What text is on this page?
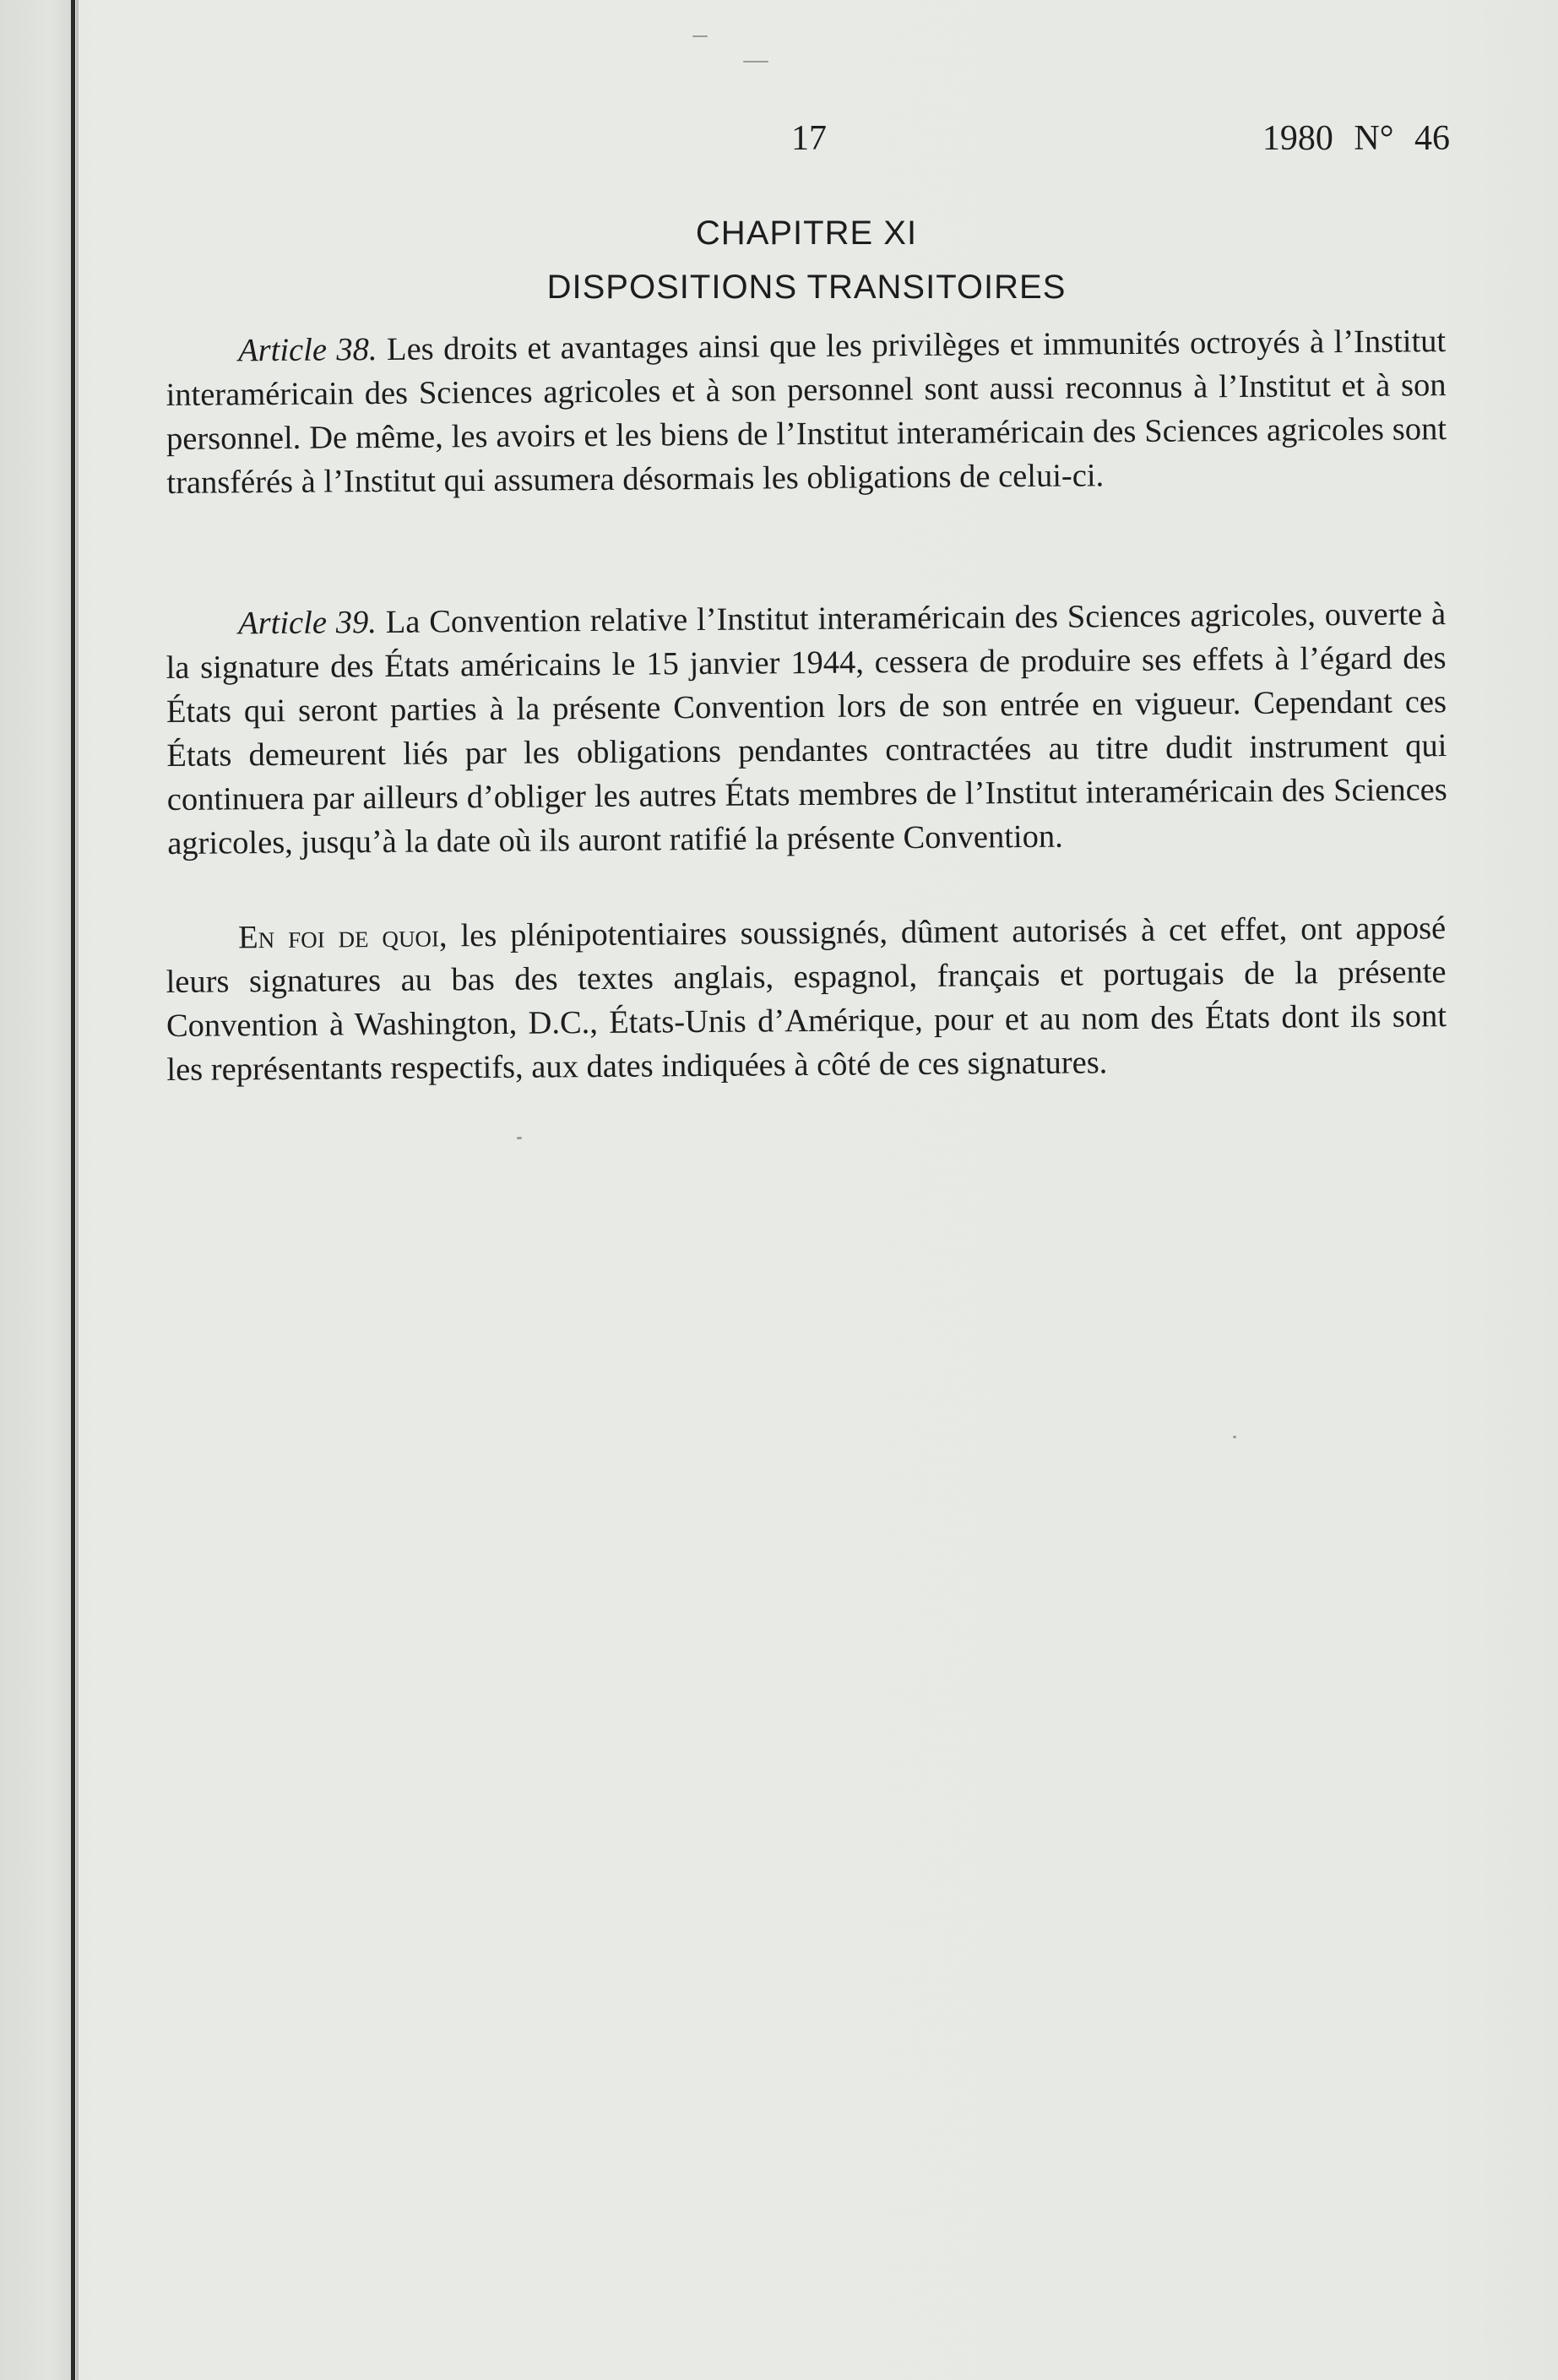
17	1980 N° 46
CHAPITRE XI
DISPOSITIONS TRANSITOIRES

Article 38. Les droits et avantages ainsi que les privilèges et immunités octroyés à l’Institut interaméricain des Sciences agricoles et à son personnel sont aussi reconnus à l’Institut et à son personnel. De même, les avoirs et les biens de l’Institut interaméricain des Sciences agricoles sont transférés à l’Institut qui assumera désormais les obligations de celui-ci.

Article 39. La Convention relative l’Institut interaméricain des Sciences agricoles, ouverte à la signature des États américains le 15 janvier 1944, cessera de produire ses effets à l’égard des États qui seront parties à la présente Convention lors de son entrée en vigueur. Cependant ces États demeurent liés par les obligations pendantes contractées au titre dudit instrument qui continuera par ailleurs d’obliger les autres États membres de l’Institut interaméricain des Sciences agricoles, jusqu’à la date où ils auront ratifié la présente Convention.

En foi de quoi, les plénipotentiaires soussignés, dûment autorisés à cet effet, ont apposé leurs signatures au bas des textes anglais, espagnol, français et portugais de la présente Convention à Washington, D.C., États-Unis d’Amérique, pour et au nom des États dont ils sont les représentants respectifs, aux dates indiquées à côté de ces signatures.
